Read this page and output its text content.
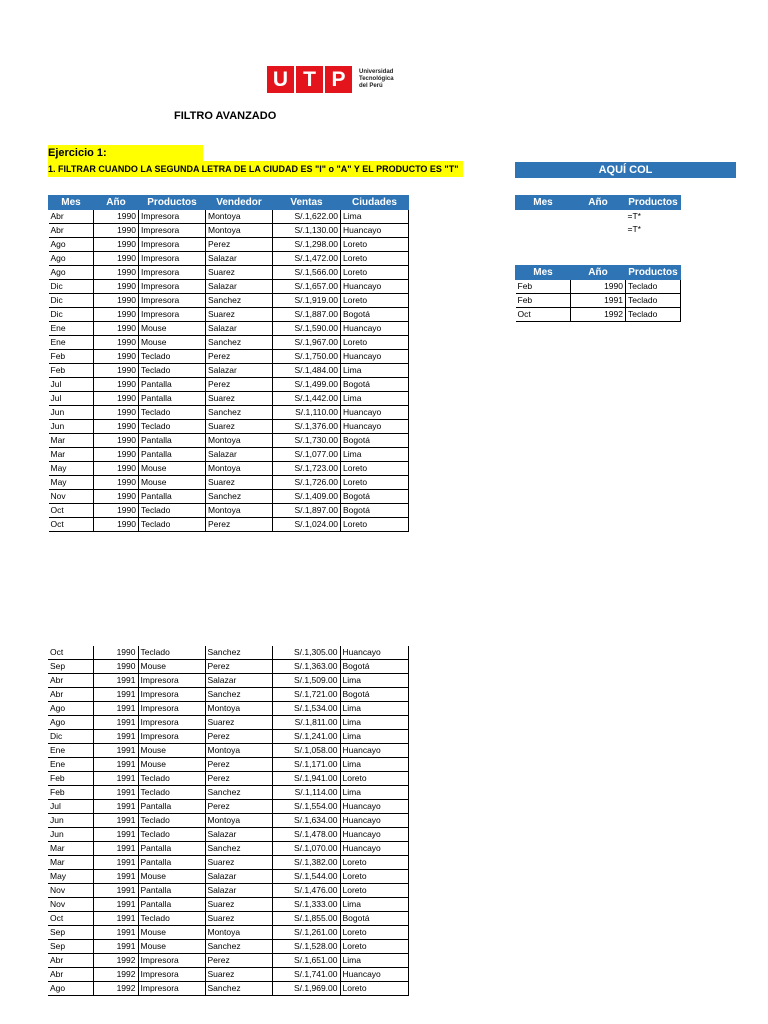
U T P	Universidad
Tecnológica
del Perú
FILTRO AVANZADO
Ejercicio 1:
1. FILTRAR CUANDO LA SEGUNDA LETRA DE LA CIUDAD ES "I" o "A" Y EL PRODUCTO ES "T"	AQUÍ COL
Mes	Año	Productos	Vendedor	Ventas	Ciudades
Abr	1990	Impresora	Montoya	S/.1,622.00	Lima
Abr	1990	Impresora	Montoya	S/.1,130.00	Huancayo
Ago	1990	Impresora	Perez	S/.1,298.00	Loreto
Ago	1990	Impresora	Salazar	S/.1,472.00	Loreto
Ago	1990	Impresora	Suarez	S/.1,566.00	Loreto
Dic	1990	Impresora	Salazar	S/.1,657.00	Huancayo
Dic	1990	Impresora	Sanchez	S/.1,919.00	Loreto
Dic	1990	Impresora	Suarez	S/.1,887.00	Bogotá
Ene	1990	Mouse	Salazar	S/.1,590.00	Huancayo
Ene	1990	Mouse	Sanchez	S/.1,967.00	Loreto
Feb	1990	Teclado	Perez	S/.1,750.00	Huancayo
Feb	1990	Teclado	Salazar	S/.1,484.00	Lima
Jul	1990	Pantalla	Perez	S/.1,499.00	Bogotá
Jul	1990	Pantalla	Suarez	S/.1,442.00	Lima
Jun	1990	Teclado	Sanchez	S/.1,110.00	Huancayo
Jun	1990	Teclado	Suarez	S/.1,376.00	Huancayo
Mar	1990	Pantalla	Montoya	S/.1,730.00	Bogotá
Mar	1990	Pantalla	Salazar	S/.1,077.00	Lima
May	1990	Mouse	Montoya	S/.1,723.00	Loreto
May	1990	Mouse	Suarez	S/.1,726.00	Loreto
Nov	1990	Pantalla	Sanchez	S/.1,409.00	Bogotá
Oct	1990	Teclado	Montoya	S/.1,897.00	Bogotá
Oct	1990	Teclado	Perez	S/.1,024.00	Loreto
Oct	1990	Teclado	Sanchez	S/.1,305.00	Huancayo
Sep	1990	Mouse	Perez	S/.1,363.00	Bogotá
Abr	1991	Impresora	Salazar	S/.1,509.00	Lima
Abr	1991	Impresora	Sanchez	S/.1,721.00	Bogotá
Ago	1991	Impresora	Montoya	S/.1,534.00	Lima
Ago	1991	Impresora	Suarez	S/.1,811.00	Lima
Dic	1991	Impresora	Perez	S/.1,241.00	Lima
Ene	1991	Mouse	Montoya	S/.1,058.00	Huancayo
Ene	1991	Mouse	Perez	S/.1,171.00	Lima
Feb	1991	Teclado	Perez	S/.1,941.00	Loreto
Feb	1991	Teclado	Sanchez	S/.1,114.00	Lima
Jul	1991	Pantalla	Perez	S/.1,554.00	Huancayo
Jun	1991	Teclado	Montoya	S/.1,634.00	Huancayo
Jun	1991	Teclado	Salazar	S/.1,478.00	Huancayo
Mar	1991	Pantalla	Sanchez	S/.1,070.00	Huancayo
Mar	1991	Pantalla	Suarez	S/.1,382.00	Loreto
May	1991	Mouse	Salazar	S/.1,544.00	Loreto
Nov	1991	Pantalla	Salazar	S/.1,476.00	Loreto
Nov	1991	Pantalla	Suarez	S/.1,333.00	Lima
Oct	1991	Teclado	Suarez	S/.1,855.00	Bogotá
Sep	1991	Mouse	Montoya	S/.1,261.00	Loreto
Sep	1991	Mouse	Sanchez	S/.1,528.00	Loreto
Abr	1992	Impresora	Perez	S/.1,651.00	Lima
Abr	1992	Impresora	Suarez	S/.1,741.00	Huancayo
Ago	1992	Impresora	Sanchez	S/.1,969.00	Loreto
Mes	Año	Productos
		=T*
		=T*
Mes	Año	Productos
Feb	1990	Teclado
Feb	1991	Teclado
Oct	1992	Teclado
